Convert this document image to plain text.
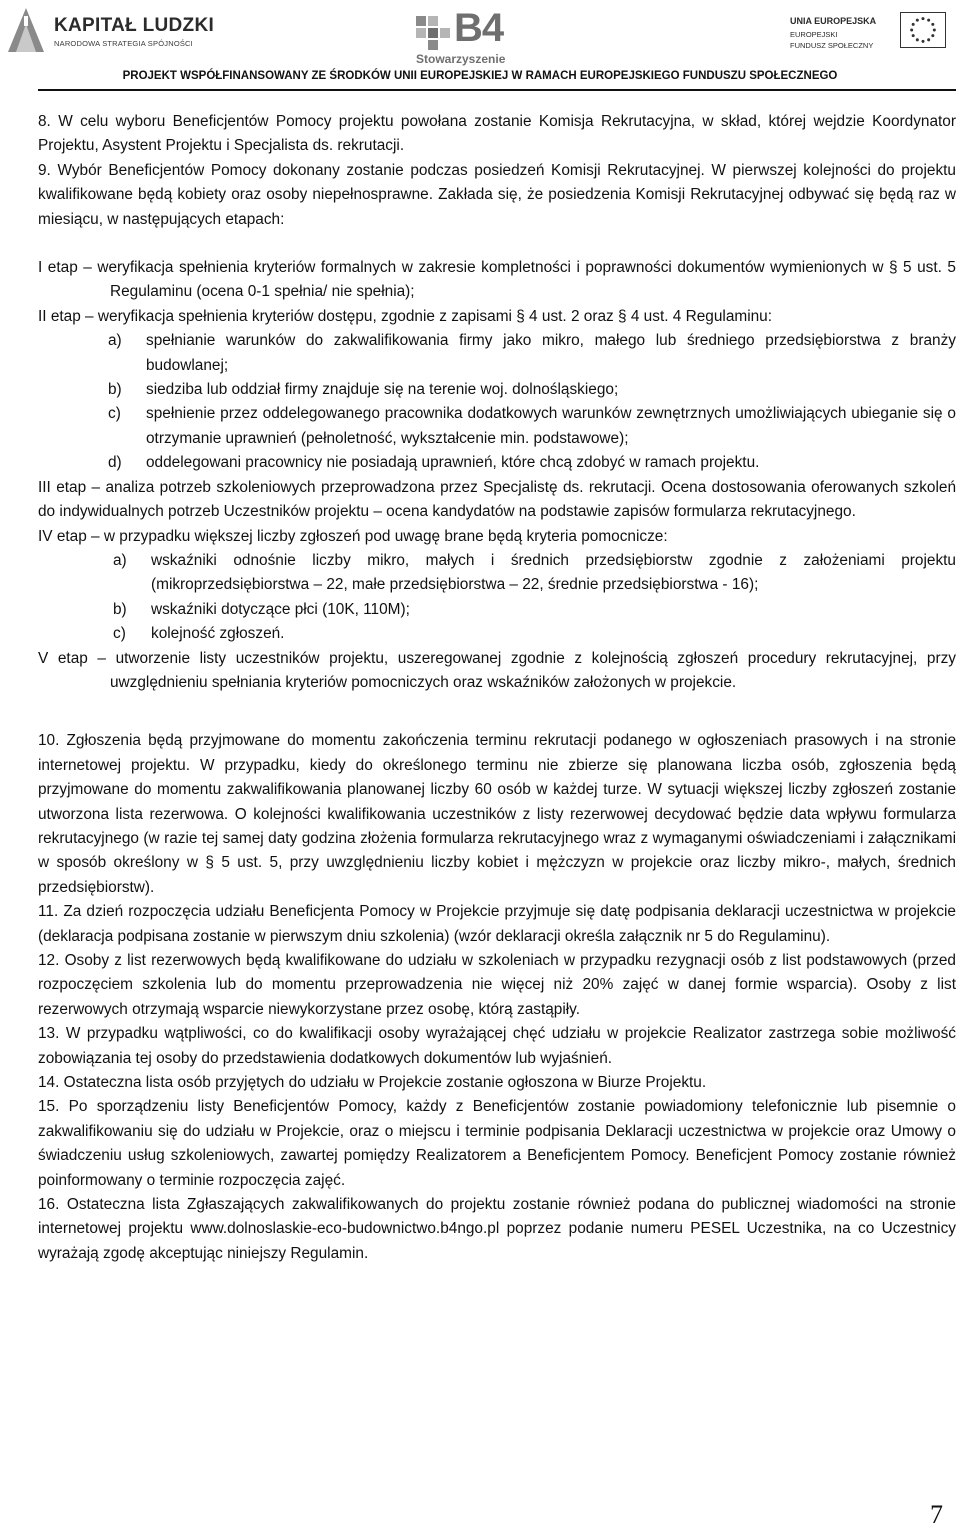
KAPITAŁ LUDZKI
NARODOWA STRATEGIA SPÓJNOŚCI	B4
Stowarzyszenie
UNIA EUROPEJSKA
EUROPEJSKI
FUNDUSZ SPOŁECZNY
PROJEKT WSPÓŁFINANSOWANY ZE ŚRODKÓW UNII EUROPEJSKIEJ W RAMACH EUROPEJSKIEGO FUNDUSZU SPOŁECZNEGO

8. W celu wyboru Beneficjentów Pomocy projektu powołana zostanie Komisja Rekrutacyjna, w skład, której wejdzie Koordynator Projektu, Asystent Projektu i Specjalista ds. rekrutacji.

9. Wybór Beneficjentów Pomocy dokonany zostanie podczas posiedzeń Komisji Rekrutacyjnej. W pierwszej kolejności do projektu kwalifikowane będą kobiety oraz osoby niepełnosprawne. Zakłada się, że posiedzenia Komisji Rekrutacyjnej odbywać się będą raz w miesiącu, w następujących etapach:

I etap – weryfikacja spełnienia kryteriów formalnych w zakresie kompletności i poprawności dokumentów wymienionych w § 5 ust. 5 Regulaminu (ocena 0-1 spełnia/ nie spełnia);

II etap – weryfikacja spełnienia kryteriów dostępu, zgodnie z zapisami § 4 ust. 2 oraz § 4 ust. 4 Regulaminu:

a) spełnianie warunków do zakwalifikowania firmy jako mikro, małego lub średniego przedsiębiorstwa z branży budowlanej;

b) siedziba lub oddział firmy znajduje się na terenie woj. dolnośląskiego;

c) spełnienie przez oddelegowanego pracownika dodatkowych warunków zewnętrznych umożliwiających ubieganie się o otrzymanie uprawnień (pełnoletność, wykształcenie min. podstawowe);

d) oddelegowani pracownicy nie posiadają uprawnień, które chcą zdobyć w ramach projektu.

III etap – analiza potrzeb szkoleniowych przeprowadzona przez Specjalistę ds. rekrutacji. Ocena dostosowania oferowanych szkoleń do indywidualnych potrzeb Uczestników projektu – ocena kandydatów na podstawie zapisów formularza rekrutacyjnego.

IV etap – w przypadku większej liczby zgłoszeń pod uwagę brane będą kryteria pomocnicze:

a) wskaźniki odnośnie liczby mikro, małych i średnich przedsiębiorstw zgodnie z założeniami projektu (mikroprzedsiębiorstwa – 22, małe przedsiębiorstwa – 22, średnie przedsiębiorstwa - 16);

b) wskaźniki dotyczące płci (10K, 110M);

c) kolejność zgłoszeń.

V etap – utworzenie listy uczestników projektu, uszeregowanej zgodnie z kolejnością zgłoszeń procedury rekrutacyjnej, przy uwzględnieniu spełniania kryteriów pomocniczych oraz wskaźników założonych w projekcie.

10. Zgłoszenia będą przyjmowane do momentu zakończenia terminu rekrutacji podanego w ogłoszeniach prasowych i na stronie internetowej projektu. W przypadku, kiedy do określonego terminu nie zbierze się planowana liczba osób, zgłoszenia będą przyjmowane do momentu zakwalifikowania planowanej liczby 60 osób w każdej turze. W sytuacji większej liczby zgłoszeń zostanie utworzona lista rezerwowa. O kolejności kwalifikowania uczestników z listy rezerwowej decydować będzie data wpływu formularza rekrutacyjnego (w razie tej samej daty godzina złożenia formularza rekrutacyjnego wraz z wymaganymi oświadczeniami i załącznikami w sposób określony w § 5 ust. 5, przy uwzględnieniu liczby kobiet i mężczyzn w projekcie oraz liczby mikro-, małych, średnich przedsiębiorstw).

11. Za dzień rozpoczęcia udziału Beneficjenta Pomocy w Projekcie przyjmuje się datę podpisania deklaracji uczestnictwa w projekcie (deklaracja podpisana zostanie w pierwszym dniu szkolenia) (wzór deklaracji określa załącznik nr 5 do Regulaminu).

12. Osoby z list rezerwowych będą kwalifikowane do udziału w szkoleniach w przypadku rezygnacji osób z list podstawowych (przed rozpoczęciem szkolenia lub do momentu przeprowadzenia nie więcej niż 20% zajęć w danej formie wsparcia). Osoby z list rezerwowych otrzymają wsparcie niewykorzystane przez osobę, którą zastąpiły.

13. W przypadku wątpliwości, co do kwalifikacji osoby wyrażającej chęć udziału w projekcie Realizator zastrzega sobie możliwość zobowiązania tej osoby do przedstawienia dodatkowych dokumentów lub wyjaśnień.

14. Ostateczna lista osób przyjętych do udziału w Projekcie zostanie ogłoszona w Biurze Projektu.

15. Po sporządzeniu listy Beneficjentów Pomocy, każdy z Beneficjentów zostanie powiadomiony telefonicznie lub pisemnie o zakwalifikowaniu się do udziału w Projekcie, oraz o miejscu i terminie podpisania Deklaracji uczestnictwa w projekcie oraz Umowy o świadczeniu usług szkoleniowych, zawartej pomiędzy Realizatorem a Beneficjentem Pomocy. Beneficjent Pomocy zostanie również poinformowany o terminie rozpoczęcia zajęć.

16. Ostateczna lista Zgłaszających zakwalifikowanych do projektu zostanie również podana do publicznej wiadomości na stronie internetowej projektu www.dolnoslaskie-eco-budownictwo.b4ngo.pl poprzez podanie numeru PESEL Uczestnika, na co Uczestnicy wyrażają zgodę akceptując niniejszy Regulamin.

7
